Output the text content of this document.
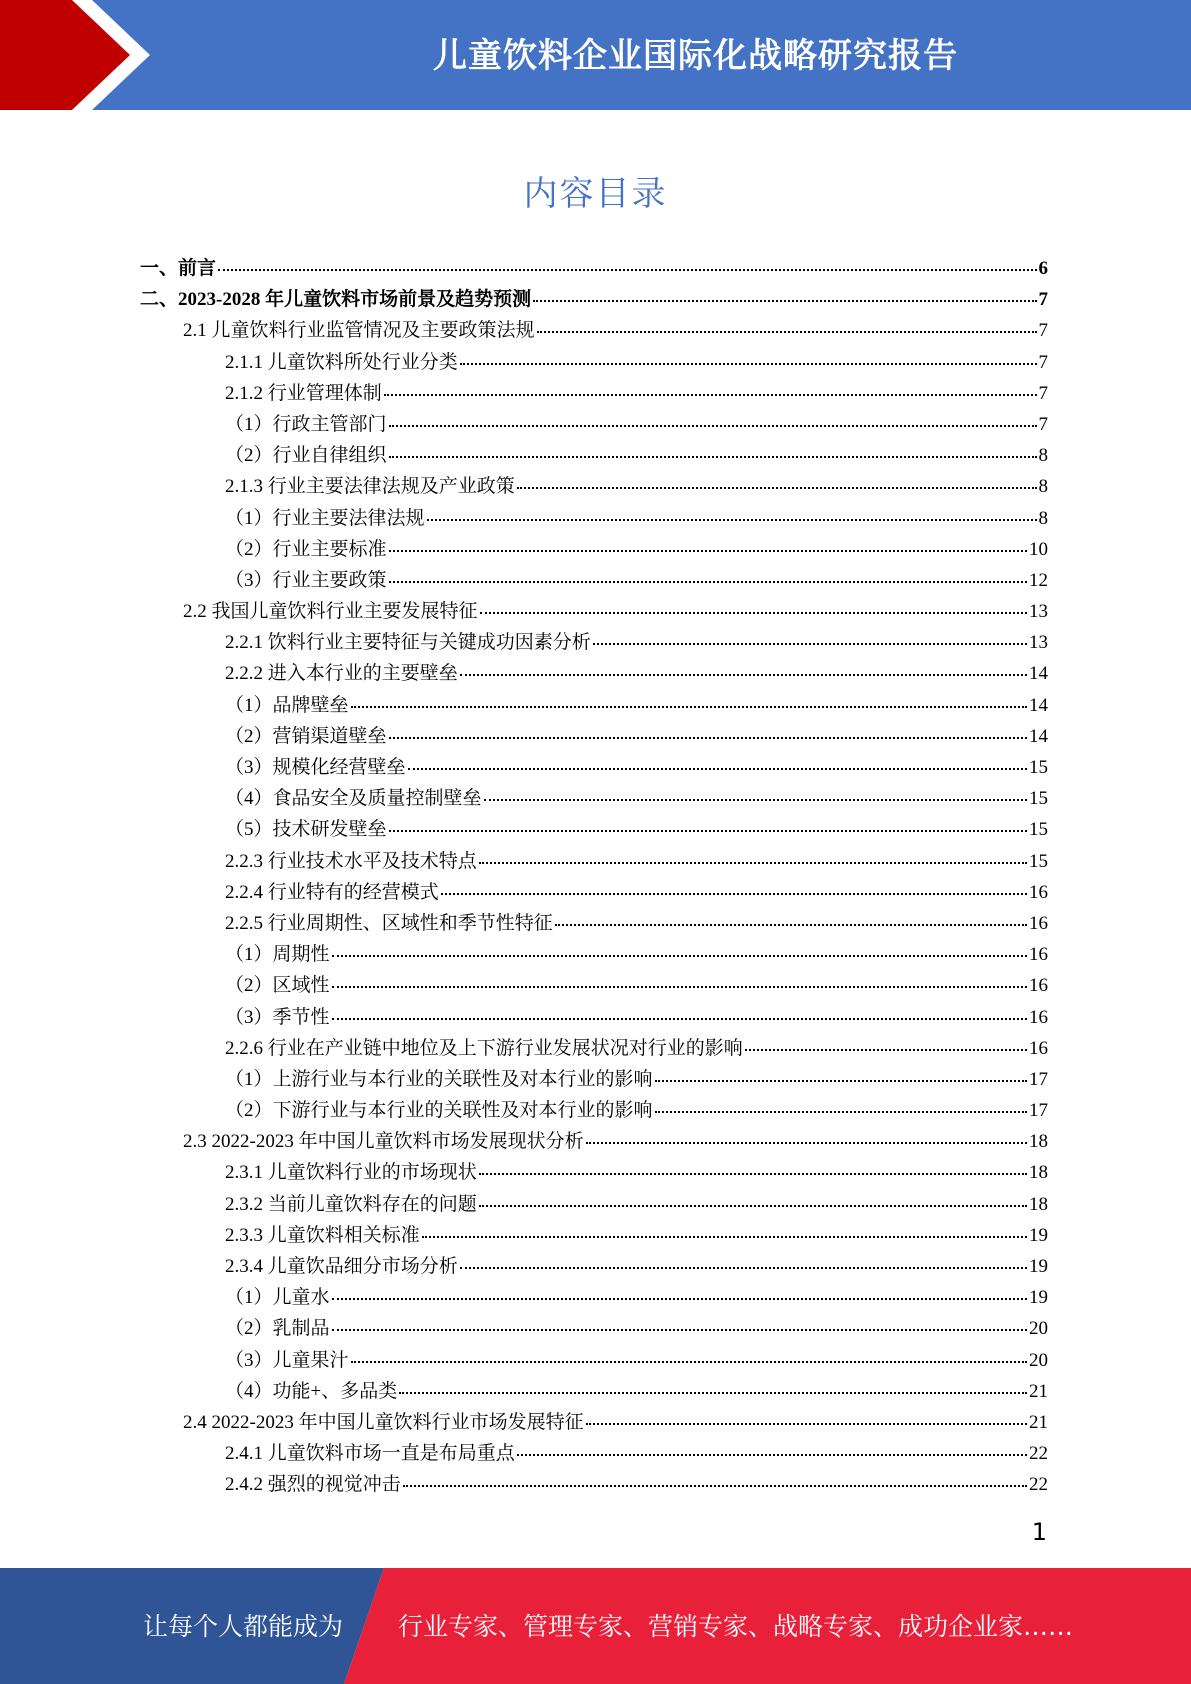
儿童饮料企业国际化战略研究报告
内容目录
一、前言	6
二、2023-2028 年儿童饮料市场前景及趋势预测	7
2.1 儿童饮料行业监管情况及主要政策法规	7
2.1.1 儿童饮料所处行业分类	7
2.1.2 行业管理体制	7
（1）行政主管部门	7
（2）行业自律组织	8
2.1.3 行业主要法律法规及产业政策	8
（1）行业主要法律法规	8
（2）行业主要标准	10
（3）行业主要政策	12
2.2 我国儿童饮料行业主要发展特征	13
2.2.1 饮料行业主要特征与关键成功因素分析	13
2.2.2 进入本行业的主要壁垒	14
（1）品牌壁垒	14
（2）营销渠道壁垒	14
（3）规模化经营壁垒	15
（4）食品安全及质量控制壁垒	15
（5）技术研发壁垒	15
2.2.3 行业技术水平及技术特点	15
2.2.4 行业特有的经营模式	16
2.2.5 行业周期性、区域性和季节性特征	16
（1）周期性	16
（2）区域性	16
（3）季节性	16
2.2.6 行业在产业链中地位及上下游行业发展状况对行业的影响	16
（1）上游行业与本行业的关联性及对本行业的影响	17
（2）下游行业与本行业的关联性及对本行业的影响	17
2.3 2022-2023 年中国儿童饮料市场发展现状分析	18
2.3.1 儿童饮料行业的市场现状	18
2.3.2 当前儿童饮料存在的问题	18
2.3.3 儿童饮料相关标准	19
2.3.4 儿童饮品细分市场分析	19
（1）儿童水	19
（2）乳制品	20
（3）儿童果汁	20
（4）功能+、多品类	21
2.4 2022-2023 年中国儿童饮料行业市场发展特征	21
2.4.1 儿童饮料市场一直是布局重点	22
2.4.2 强烈的视觉冲击	22
1
让每个人都能成为 行业专家、管理专家、营销专家、战略专家、成功企业家……
